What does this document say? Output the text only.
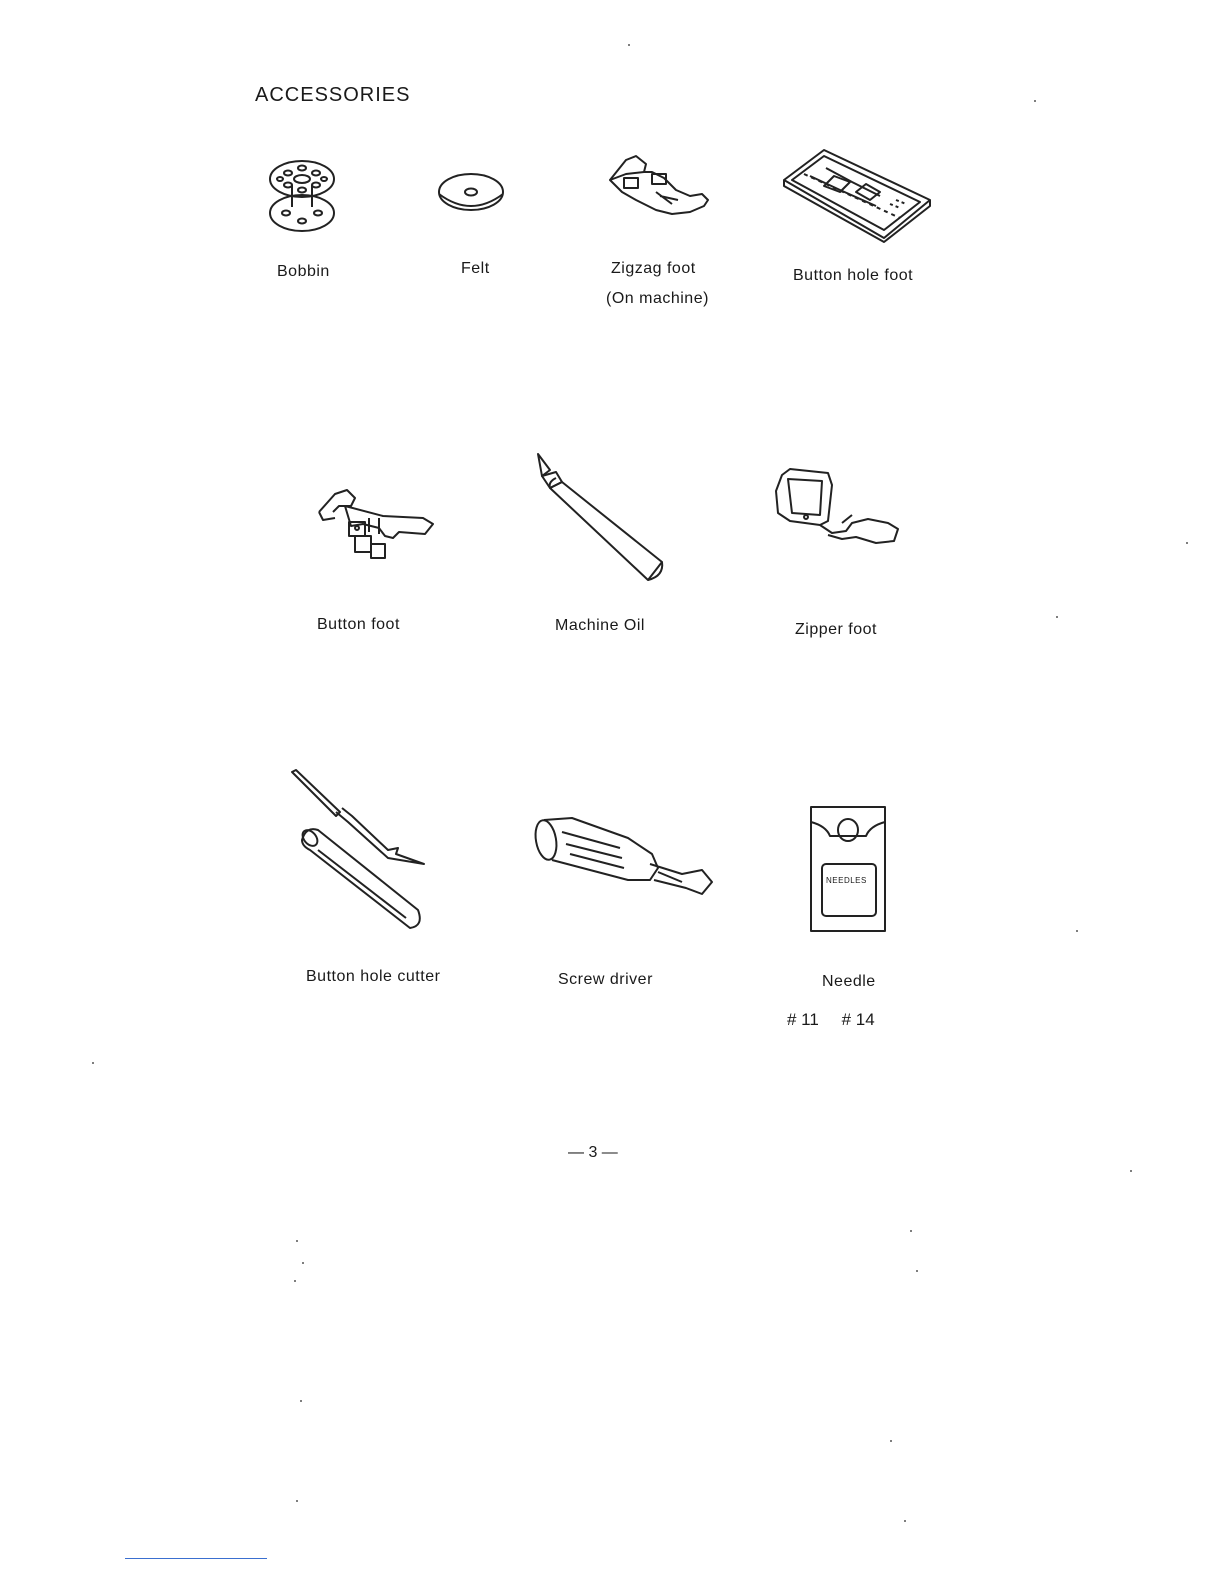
ACCESSORIES
Bobbin	Felt	Zigzag foot
(On machine)
Button hole foot
Button foot	Machine Oil	Zipper foot
Button hole cutter	Screw driver
NEEDLES
Needle
# 11 # 14
— 3 —
